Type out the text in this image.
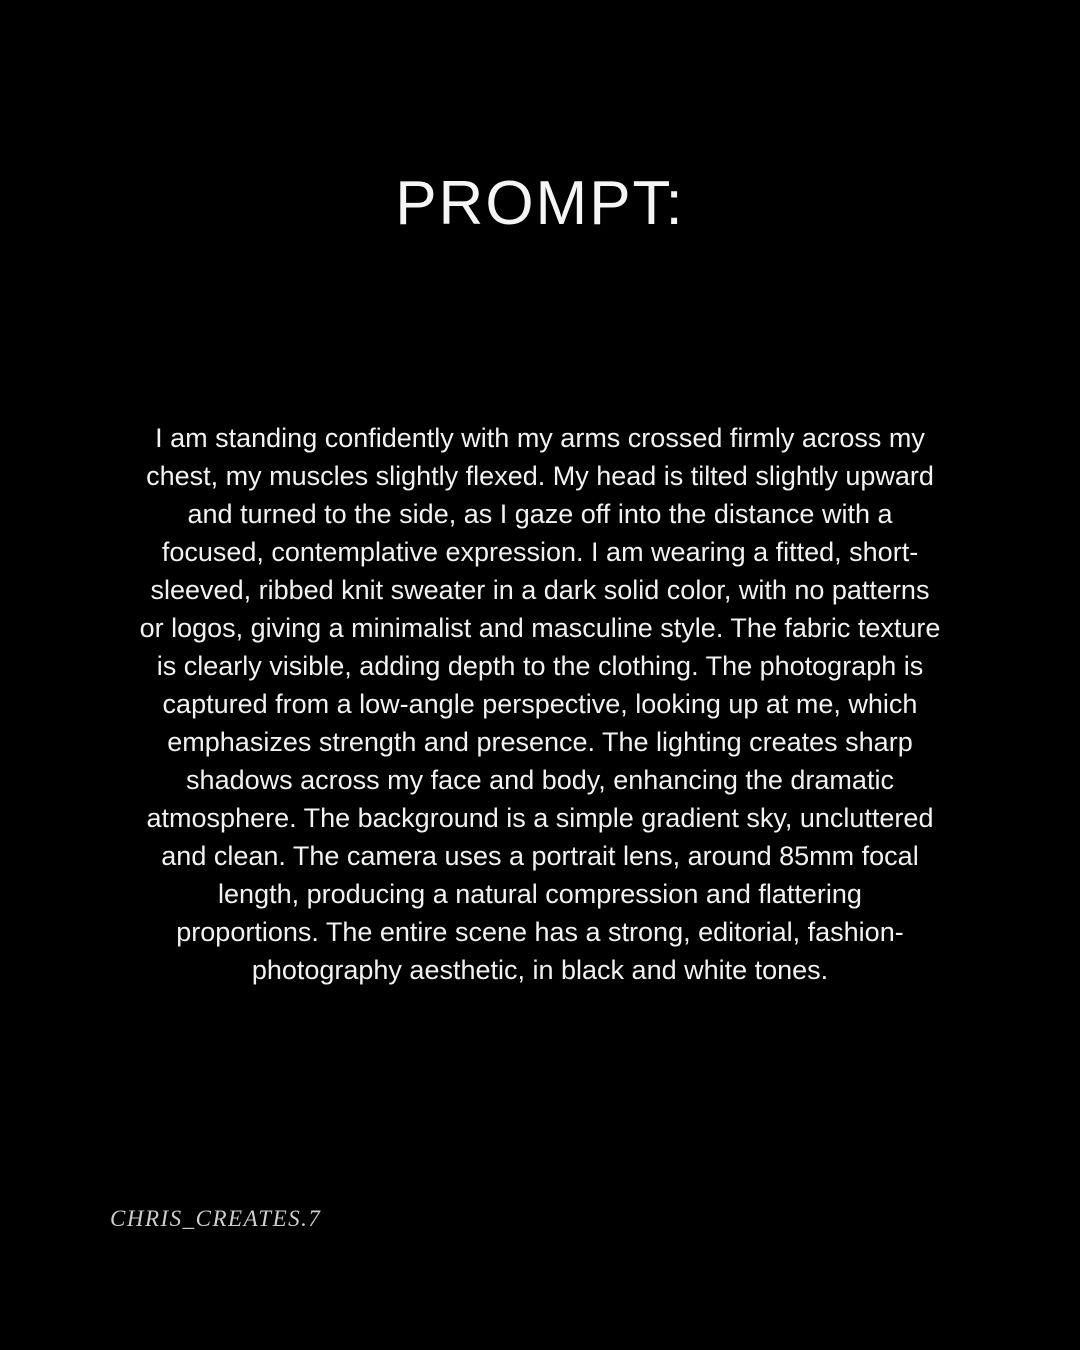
PROMPT:
I am standing confidently with my arms crossed firmly across my
chest, my muscles slightly flexed. My head is tilted slightly upward
and turned to the side, as I gaze off into the distance with a
focused, contemplative expression. I am wearing a fitted, short-
sleeved, ribbed knit sweater in a dark solid color, with no patterns
or logos, giving a minimalist and masculine style. The fabric texture
is clearly visible, adding depth to the clothing. The photograph is
captured from a low-angle perspective, looking up at me, which
emphasizes strength and presence. The lighting creates sharp
shadows across my face and body, enhancing the dramatic
atmosphere. The background is a simple gradient sky, uncluttered
and clean. The camera uses a portrait lens, around 85mm focal
length, producing a natural compression and flattering
proportions. The entire scene has a strong, editorial, fashion-
photography aesthetic, in black and white tones.
CHRIS_CREATES.7
